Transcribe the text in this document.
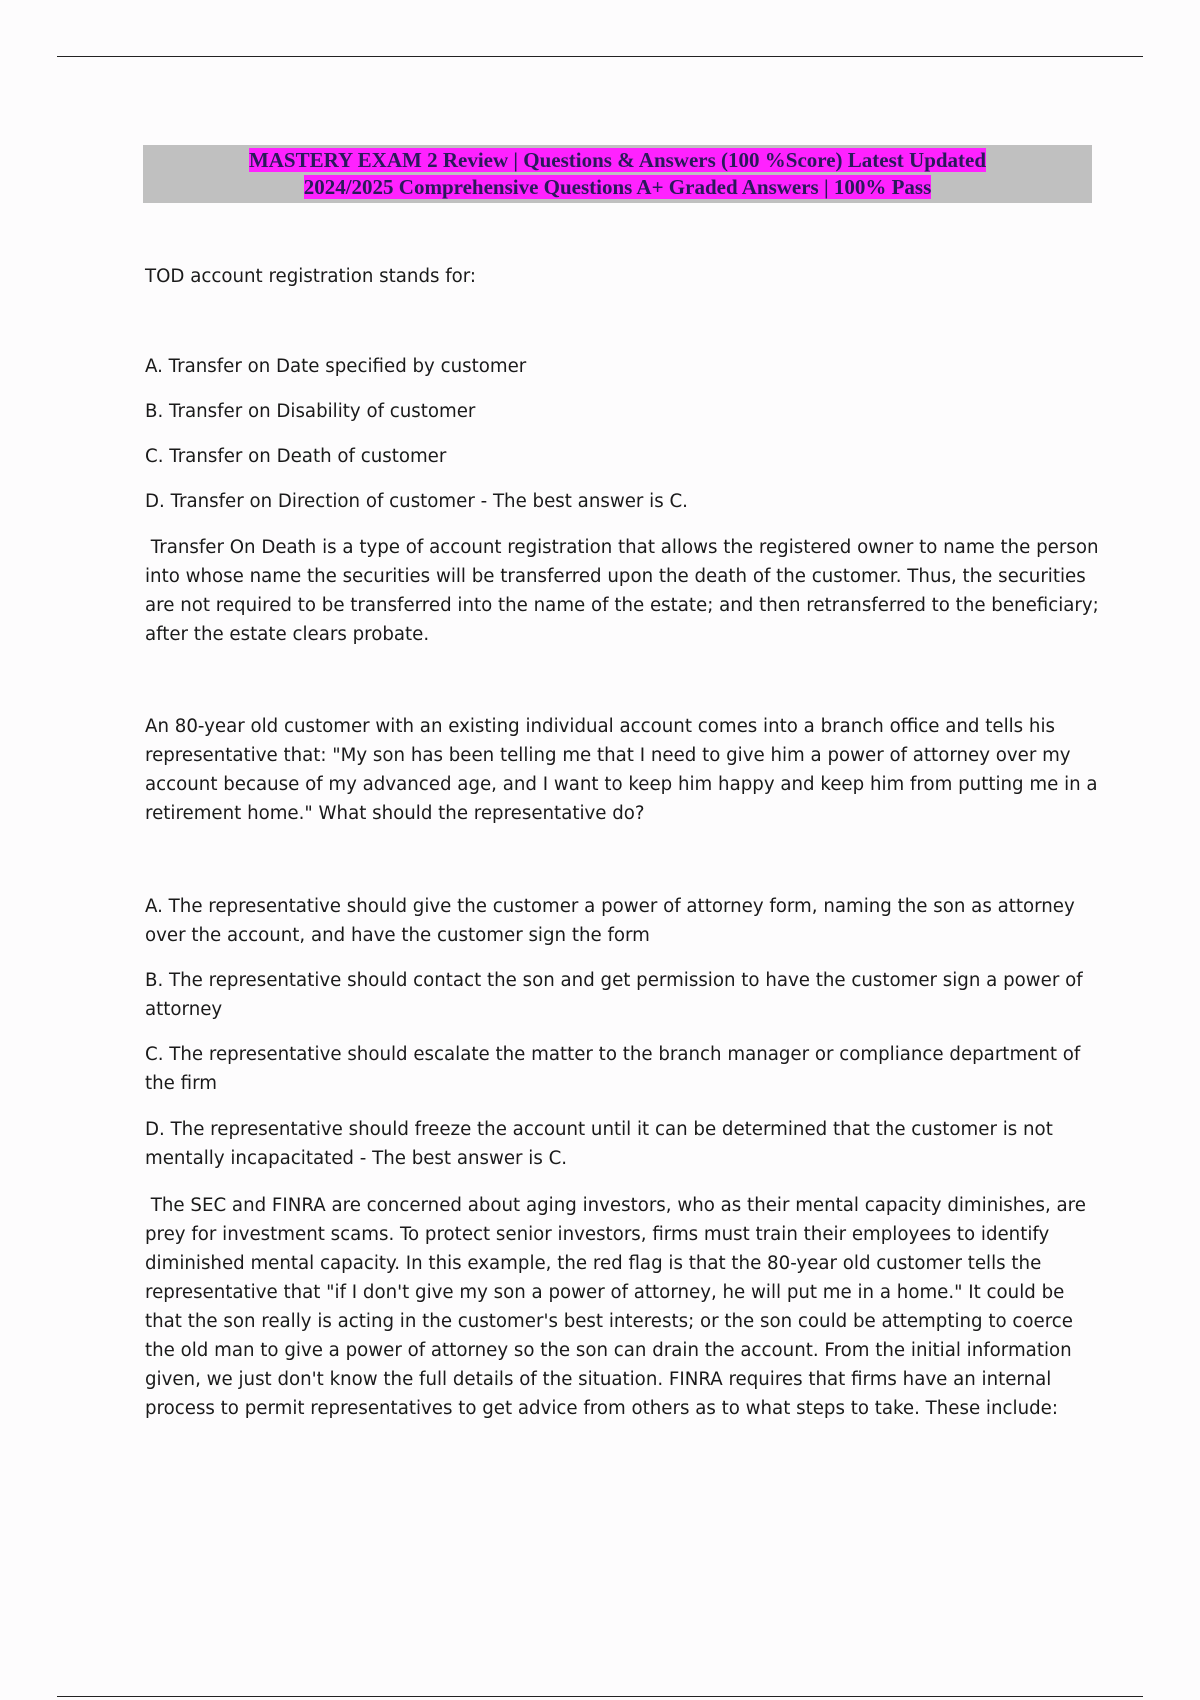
MASTERY EXAM 2 Review | Questions & Answers (100 %Score) Latest Updated
2024/2025 Comprehensive Questions A+ Graded Answers | 100% Pass
TOD account registration stands for:
A. Transfer on Date specified by customer
B. Transfer on Disability of customer
C. Transfer on Death of customer
D. Transfer on Direction of customer - The best answer is C.
Transfer On Death is a type of account registration that allows the registered owner to name the person into whose name the securities will be transferred upon the death of the customer. Thus, the securities are not required to be transferred into the name of the estate; and then retransferred to the beneficiary; after the estate clears probate.
An 80-year old customer with an existing individual account comes into a branch office and tells his representative that: "My son has been telling me that I need to give him a power of attorney over my account because of my advanced age, and I want to keep him happy and keep him from putting me in a retirement home." What should the representative do?
A. The representative should give the customer a power of attorney form, naming the son as attorney over the account, and have the customer sign the form
B. The representative should contact the son and get permission to have the customer sign a power of attorney
C. The representative should escalate the matter to the branch manager or compliance department of the firm
D. The representative should freeze the account until it can be determined that the customer is not mentally incapacitated - The best answer is C.
The SEC and FINRA are concerned about aging investors, who as their mental capacity diminishes, are prey for investment scams. To protect senior investors, firms must train their employees to identify diminished mental capacity. In this example, the red flag is that the 80-year old customer tells the representative that "if I don't give my son a power of attorney, he will put me in a home." It could be that the son really is acting in the customer's best interests; or the son could be attempting to coerce the old man to give a power of attorney so the son can drain the account. From the initial information given, we just don't know the full details of the situation. FINRA requires that firms have an internal process to permit representatives to get advice from others as to what steps to take. These include:
